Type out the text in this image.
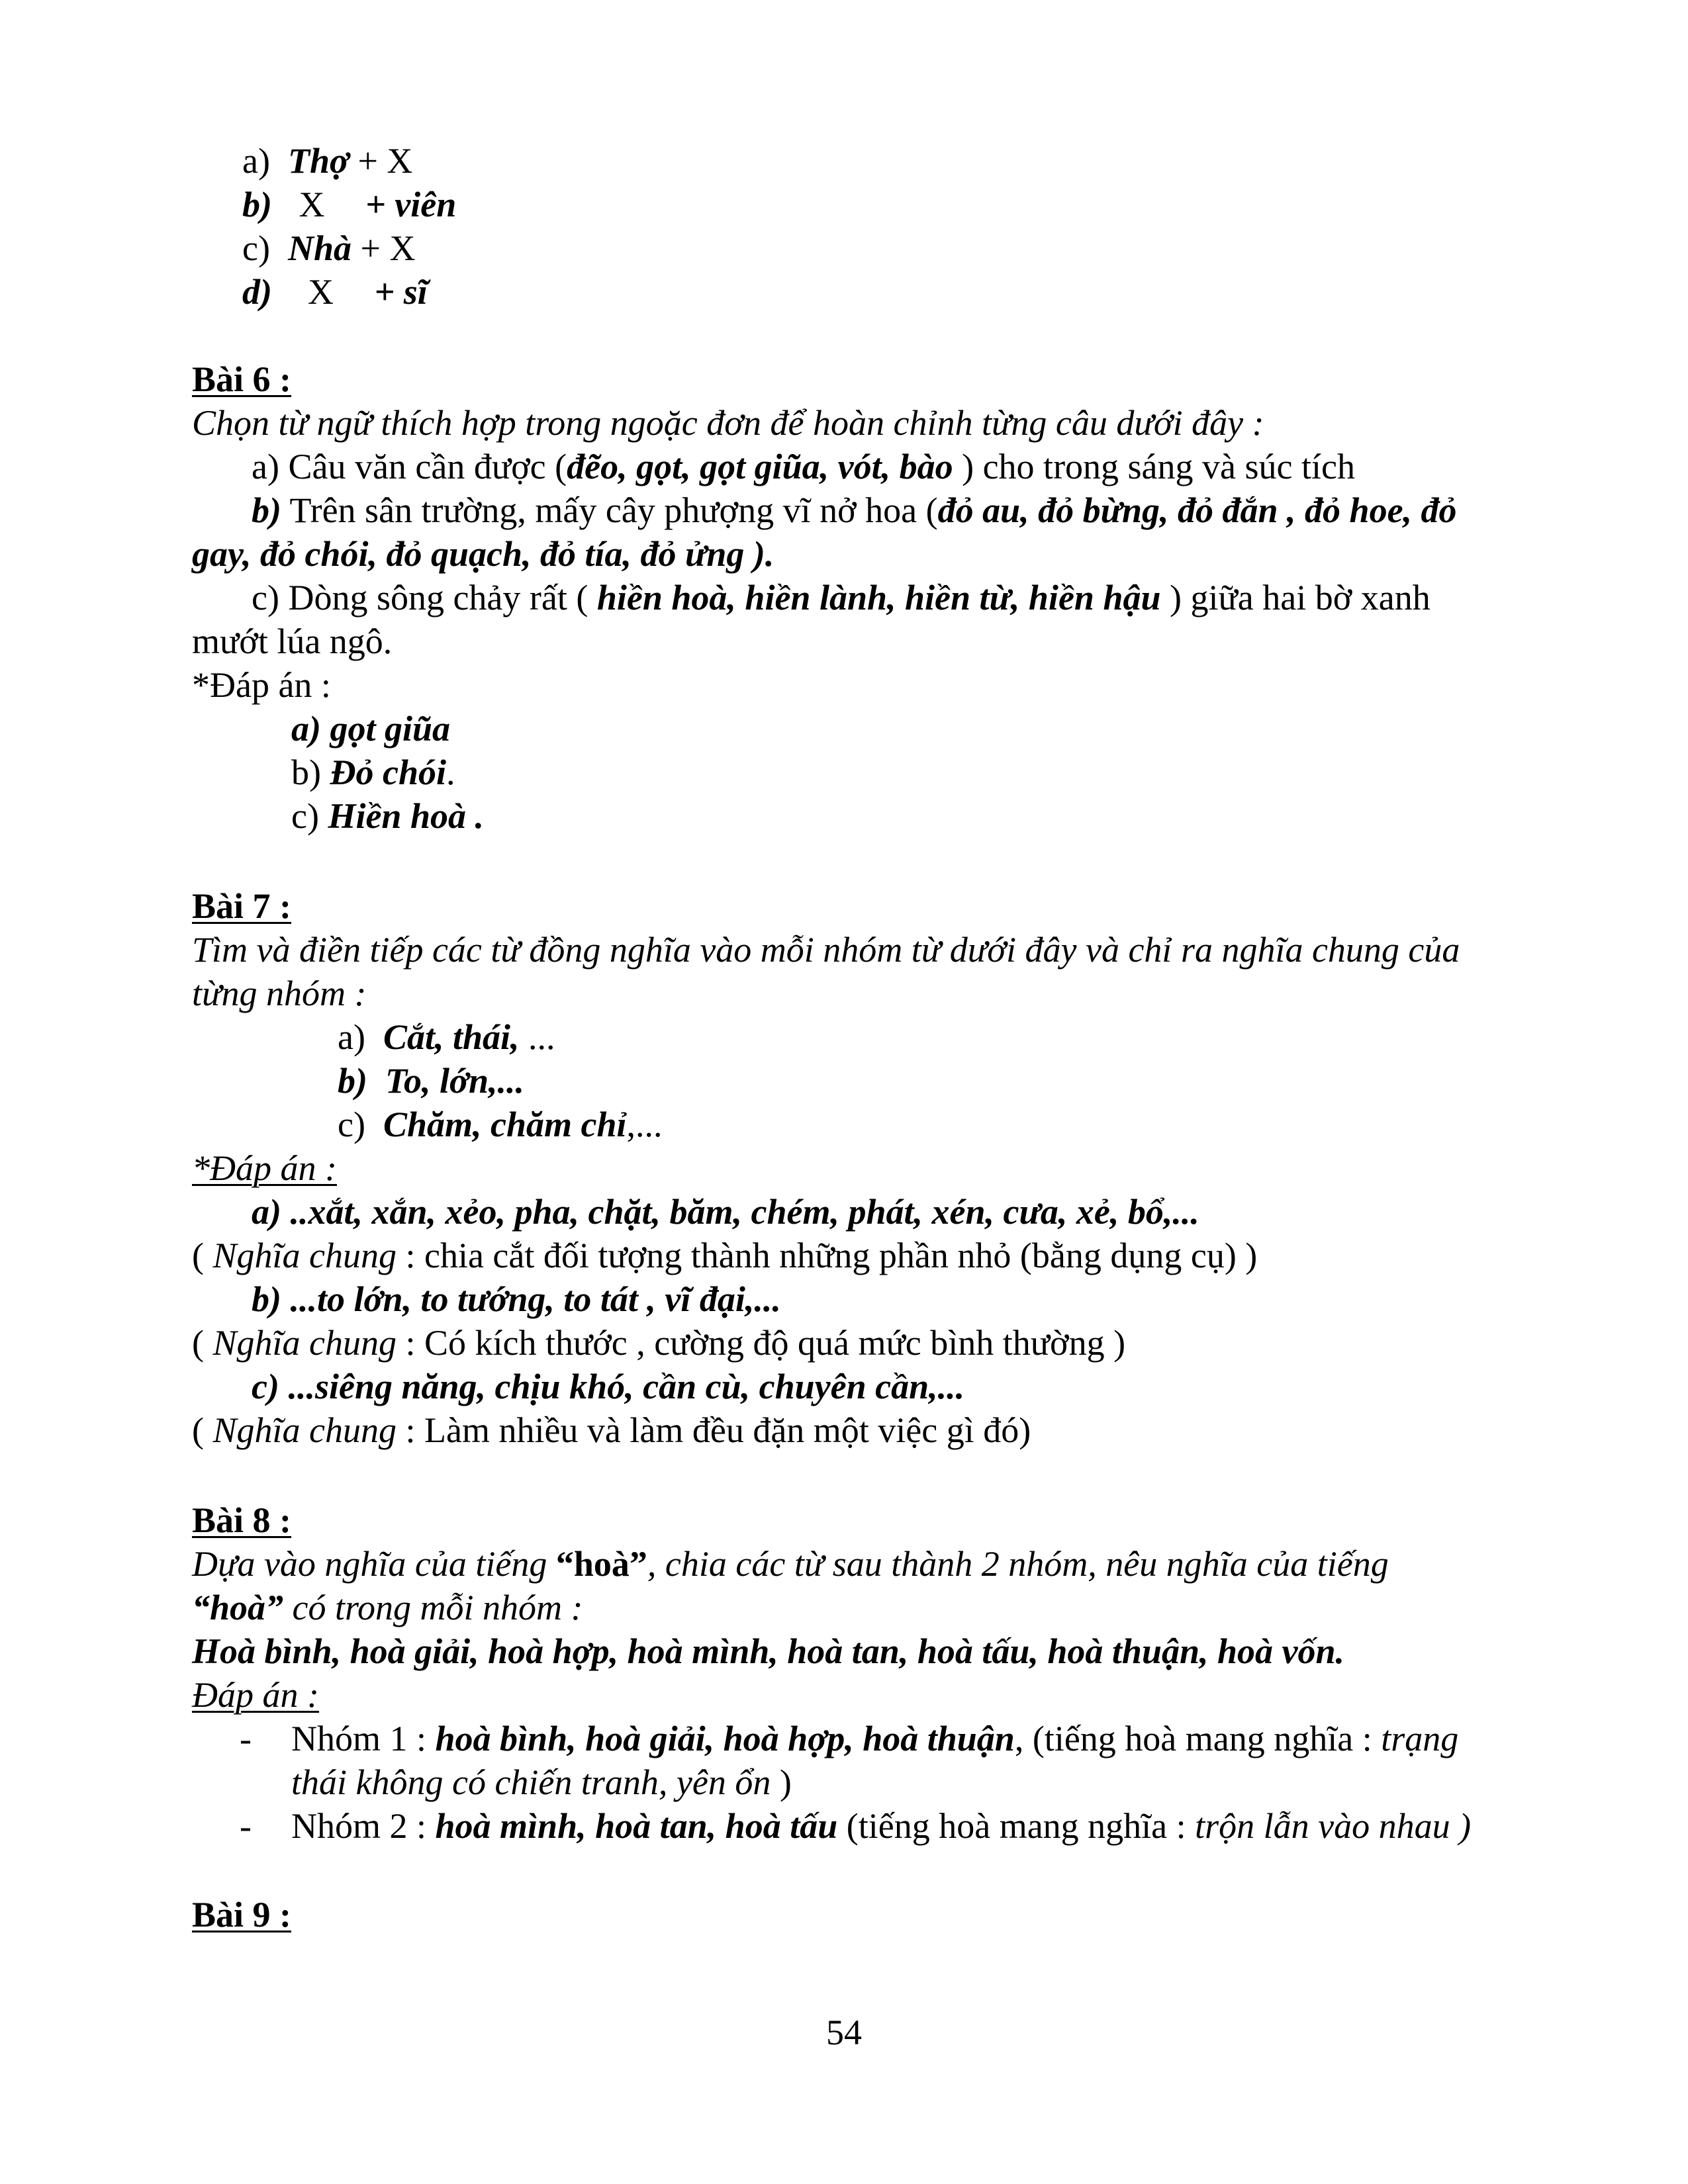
a) Thợ + X
b) X + viên
c) Nhà + X
d) X + sĩ
Bài 6 :
Chọn từ ngữ thích hợp trong ngoặc đơn để hoàn chỉnh từng câu dưới đây :
a) Câu văn cần được (đẽo, gọt, gọt giũa, vót, bào ) cho trong sáng và súc tích
b) Trên sân trường, mấy cây phượng vĩ nở hoa (đỏ au, đỏ bừng, đỏ đắn , đỏ hoe, đỏ
gay, đỏ chói, đỏ quạch, đỏ tía, đỏ ửng ).
c) Dòng sông chảy rất ( hiền hoà, hiền lành, hiền từ, hiền hậu ) giữa hai bờ xanh
mướt lúa ngô.
*Đáp án :
a) gọt giũa
b) Đỏ chói.
c) Hiền hoà .
Bài 7 :
Tìm và điền tiếp các từ đồng nghĩa vào mỗi nhóm từ dưới đây và chỉ ra nghĩa chung của
từng nhóm :
a) Cắt, thái, ...
b) To, lớn,...
c) Chăm, chăm chỉ,...
*Đáp án :
a) ..xắt, xắn, xẻo, pha, chặt, băm, chém, phát, xén, cưa, xẻ, bổ,...
( Nghĩa chung : chia cắt đối tượng thành những phần nhỏ (bằng dụng cụ) )
b) ...to lớn, to tướng, to tát , vĩ đại,...
( Nghĩa chung : Có kích thước , cường độ quá mức bình thường )
c) ...siêng năng, chịu khó, cần cù, chuyên cần,...
( Nghĩa chung : Làm nhiều và làm đều đặn một việc gì đó)
Bài 8 :
Dựa vào nghĩa của tiếng “hoà”, chia các từ sau thành 2 nhóm, nêu nghĩa của tiếng
“hoà” có trong mỗi nhóm :
Hoà bình, hoà giải, hoà hợp, hoà mình, hoà tan, hoà tấu, hoà thuận, hoà vốn.
Đáp án :
- Nhóm 1 : hoà bình, hoà giải, hoà hợp, hoà thuận, (tiếng hoà mang nghĩa : trạng
thái không có chiến tranh, yên ổn )
- Nhóm 2 : hoà mình, hoà tan, hoà tấu (tiếng hoà mang nghĩa : trộn lẫn vào nhau )
Bài 9 :
54
